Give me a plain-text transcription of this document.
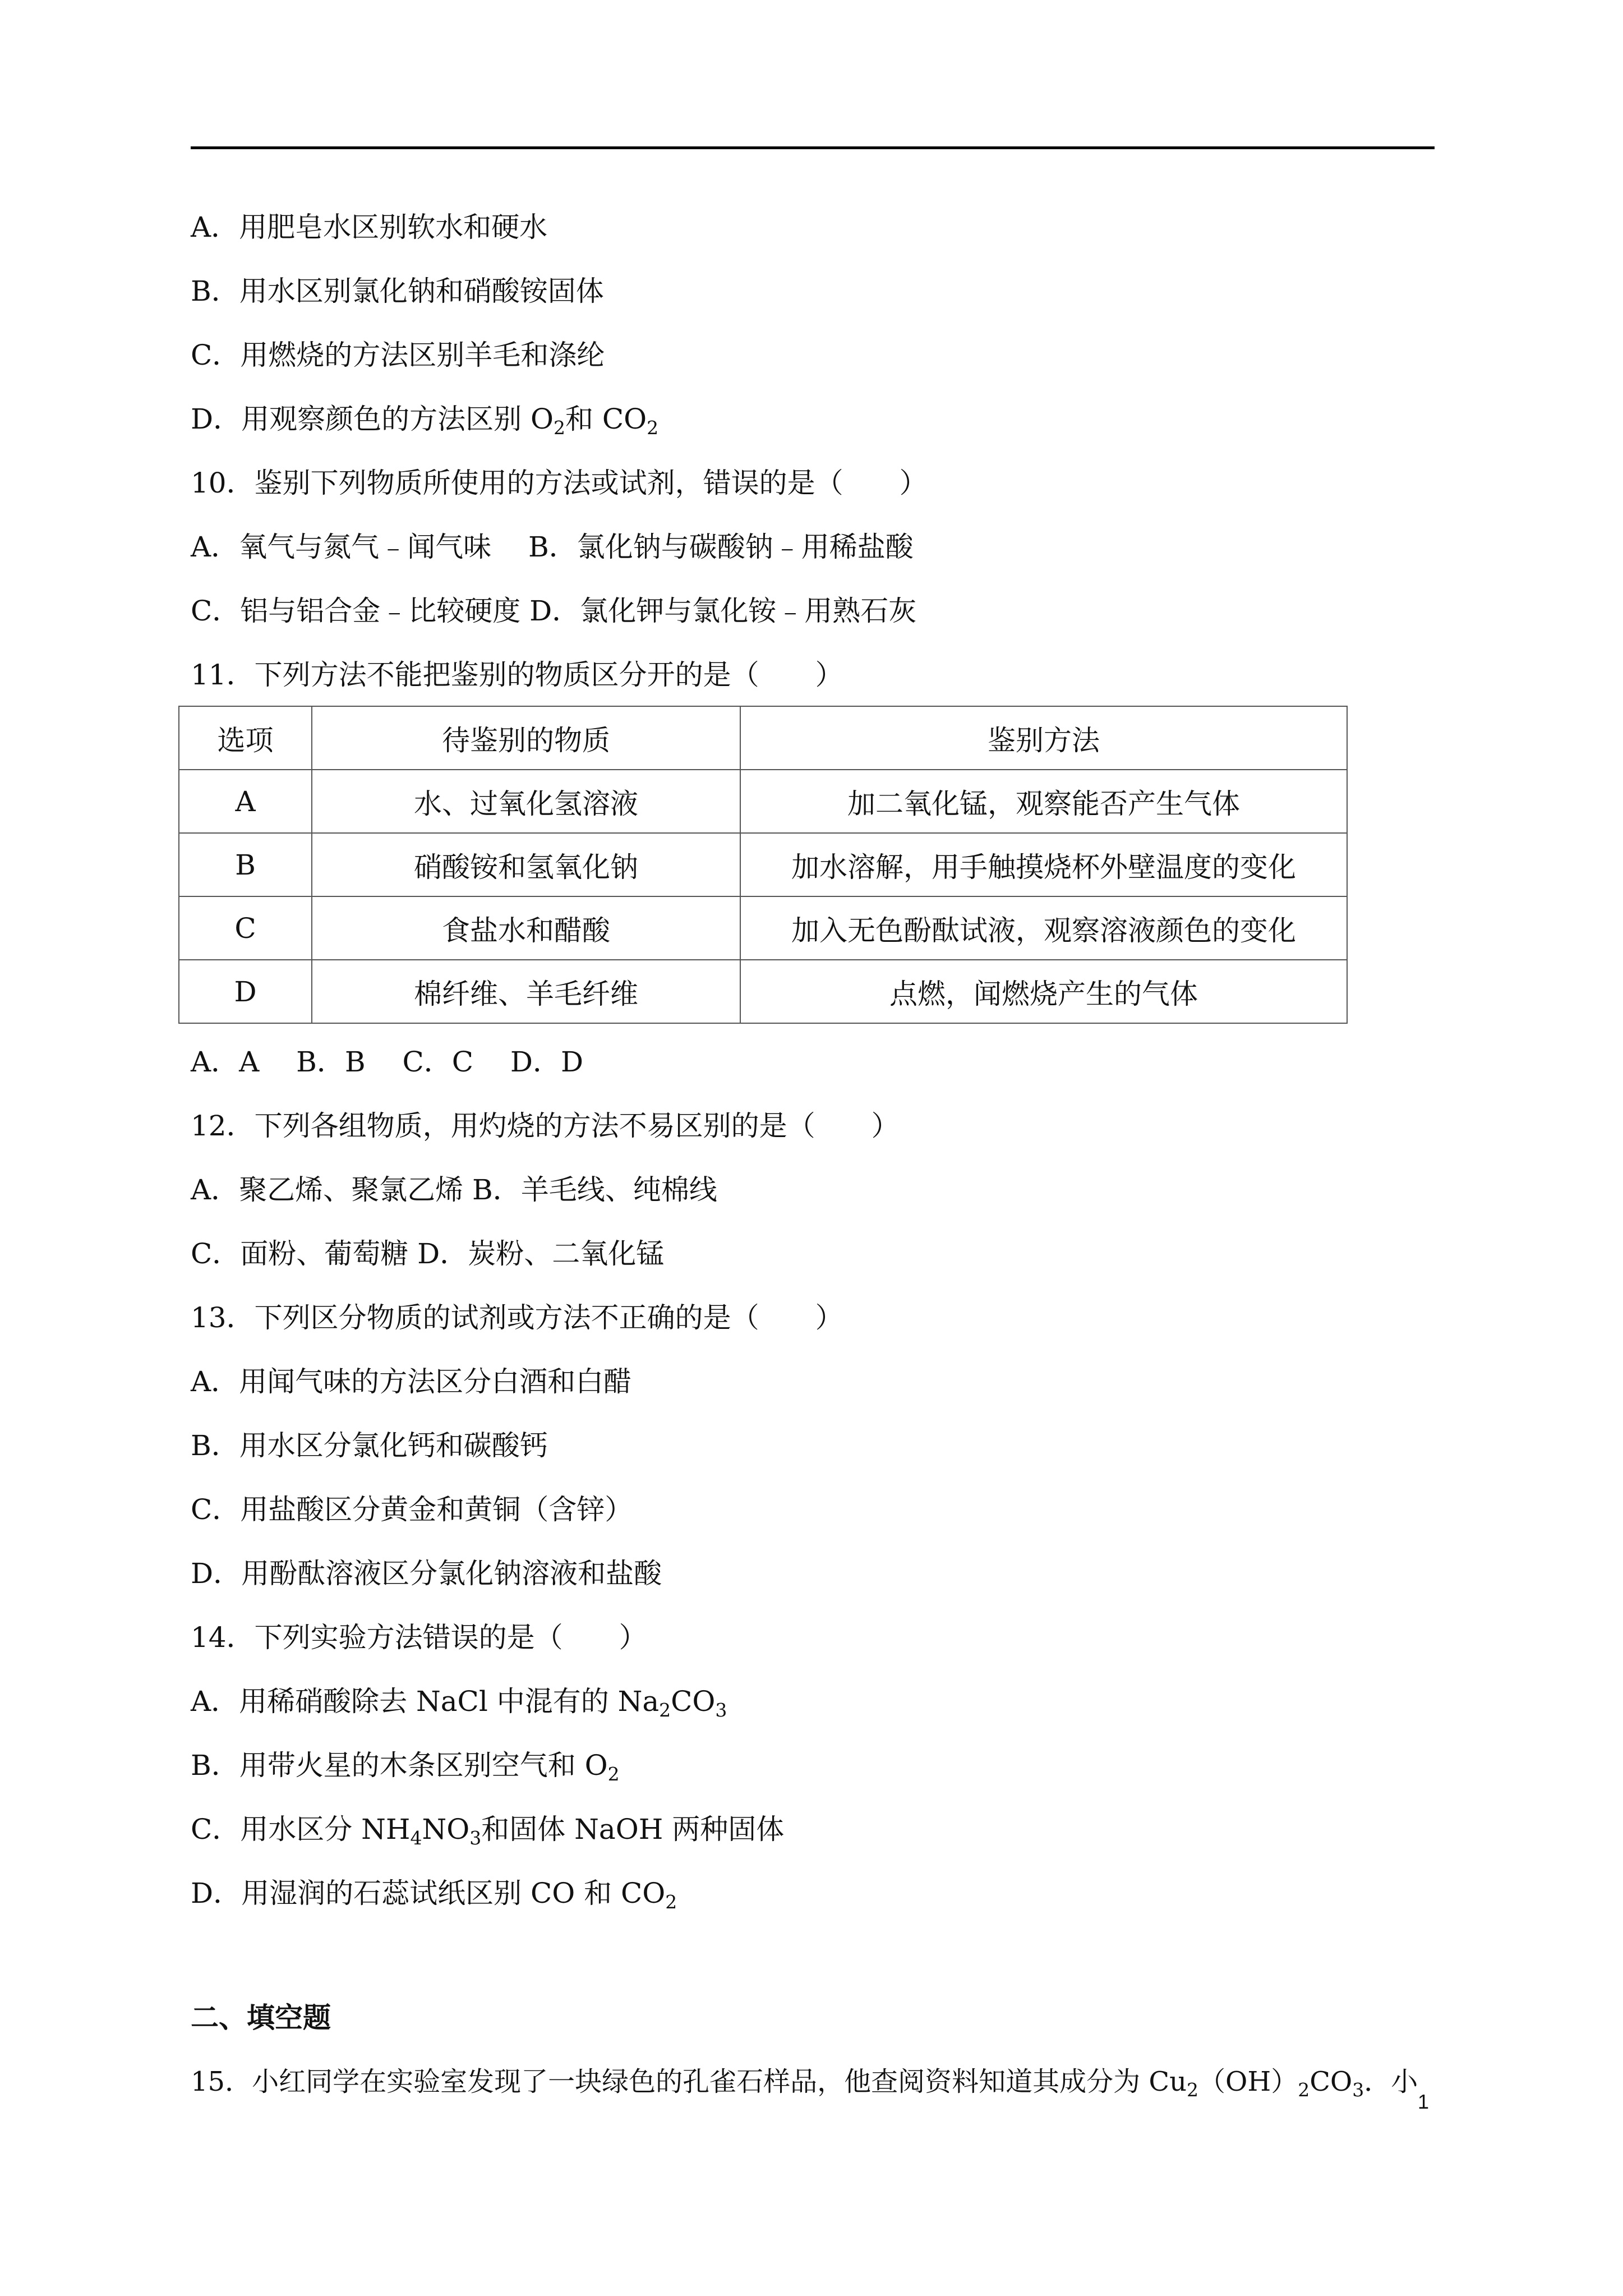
A．用肥皂水区别软水和硬水
B．用水区别氯化钠和硝酸铵固体
C．用燃烧的方法区别羊毛和涤纶
D．用观察颜色的方法区别 $O_2$和 $CO_2$
10．鉴别下列物质所使用的方法或试剂，错误的是（　　）
A．氧气与氮气﹣闻气味　 B．氯化钠与碳酸钠﹣用稀盐酸
C．铝与铝合金﹣比较硬度 D．氯化钾与氯化铵﹣用熟石灰
11．下列方法不能把鉴别的物质区分开的是（　　）
选项	待鉴别的物质	鉴别方法
A	水、过氧化氢溶液	加二氧化锰，观察能否产生气体
B	硝酸铵和氢氧化钠	加水溶解，用手触摸烧杯外壁温度的变化
C	食盐水和醋酸	加入无色酚酞试液，观察溶液颜色的变化
D	棉纤维、羊毛纤维	点燃，闻燃烧产生的气体
A．A　 B．B　 C．C　 D．D
12．下列各组物质，用灼烧的方法不易区别的是（　　）
A．聚乙烯、聚氯乙烯 B．羊毛线、纯棉线
C．面粉、葡萄糖 D．炭粉、二氧化锰
13．下列区分物质的试剂或方法不正确的是（　　）
A．用闻气味的方法区分白酒和白醋
B．用水区分氯化钙和碳酸钙
C．用盐酸区分黄金和黄铜（含锌）
D．用酚酞溶液区分氯化钠溶液和盐酸
14．下列实验方法错误的是（　　）
A．用稀硝酸除去 NaCl 中混有的 $Na_2CO_3$
B．用带火星的木条区别空气和 $O_2$
C．用水区分 $NH_4NO_3$和固体 NaOH 两种固体
D．用湿润的石蕊试纸区别 CO 和 $CO_2$
二、填空题
15．小红同学在实验室发现了一块绿色的孔雀石样品，他查阅资料知道其成分为 $Cu_2(OH)_2CO_3$．小
1
